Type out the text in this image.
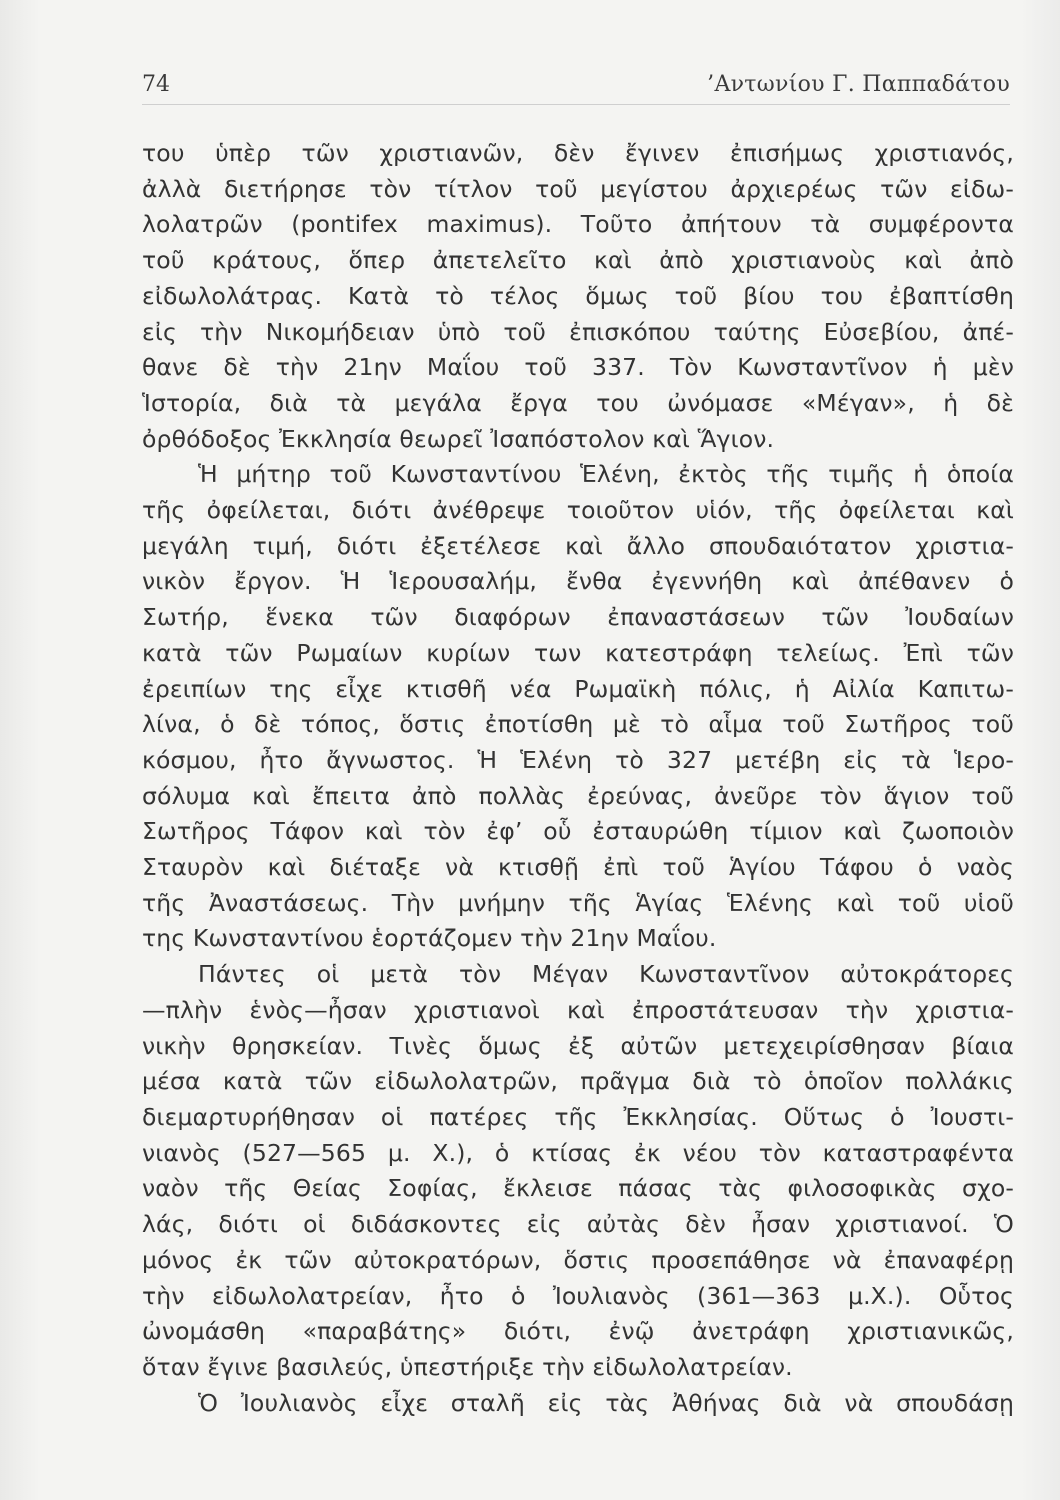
74	’Αντωνίου Γ. Παππαδάτου

του ὑπὲρ τῶν χριστιανῶν, δὲν ἔγινεν ἐπισήμως χριστιανός,
ἀλλὰ διετήρησε τὸν τίτλον τοῦ μεγίστου ἀρχιερέως τῶν εἰδω-
λολατρῶν (pontifex maximus). Τοῦτο ἀπήτουν τὰ συμφέροντα
τοῦ κράτους, ὅπερ ἀπετελεῖτο καὶ ἀπὸ χριστιανοὺς καὶ ἀπὸ
εἰδωλολάτρας. Κατὰ τὸ τέλος ὅμως τοῦ βίου του ἐβαπτίσθη
εἰς τὴν Νικομήδειαν ὑπὸ τοῦ ἐπισκόπου ταύτης Εὐσεβίου, ἀπέ-
θανε δὲ τὴν 21ην Μαΐου τοῦ 337. Τὸν Κωνσταντῖνον ἡ μὲν
Ἱστορία, διὰ τὰ μεγάλα ἔργα του ὠνόμασε «Μέγαν», ἡ δὲ
ὀρθόδοξος Ἐκκλησία θεωρεῖ Ἰσαπόστολον καὶ Ἅγιον.

Ἡ μήτηρ τοῦ Κωνσταντίνου Ἑλένη, ἐκτὸς τῆς τιμῆς ἡ ὁποία
τῆς ὀφείλεται, διότι ἀνέθρεψε τοιοῦτον υἱόν, τῆς ὀφείλεται καὶ
μεγάλη τιμή, διότι ἐξετέλεσε καὶ ἄλλο σπουδαιότατον χριστια-
νικὸν ἔργον. Ἡ Ἱερουσαλήμ, ἔνθα ἐγεννήθη καὶ ἀπέθανεν ὁ
Σωτήρ, ἕνεκα τῶν διαφόρων ἐπαναστάσεων τῶν Ἰουδαίων
κατὰ τῶν Ρωμαίων κυρίων των κατεστράφη τελείως. Ἐπὶ τῶν
ἐρειπίων της εἶχε κτισθῆ νέα Ρωμαϊκὴ πόλις, ἡ Αἰλία Καπιτω-
λίνα, ὁ δὲ τόπος, ὅστις ἐποτίσθη μὲ τὸ αἷμα τοῦ Σωτῆρος τοῦ
κόσμου, ἦτο ἄγνωστος. Ἡ Ἑλένη τὸ 327 μετέβη εἰς τὰ Ἱερο-
σόλυμα καὶ ἔπειτα ἀπὸ πολλὰς ἐρεύνας, ἀνεῦρε τὸν ἅγιον τοῦ
Σωτῆρος Τάφον καὶ τὸν ἐφ’ οὗ ἐσταυρώθη τίμιον καὶ ζωοποιὸν
Σταυρὸν καὶ διέταξε νὰ κτισθῇ ἐπὶ τοῦ Ἁγίου Τάφου ὁ ναὸς
τῆς Ἀναστάσεως. Τὴν μνήμην τῆς Ἁγίας Ἑλένης καὶ τοῦ υἱοῦ
της Κωνσταντίνου ἑορτάζομεν τὴν 21ην Μαΐου.

Πάντες οἱ μετὰ τὸν Μέγαν Κωνσταντῖνον αὐτοκράτορες
—πλὴν ἑνὸς—ἦσαν χριστιανοὶ καὶ ἐπροστάτευσαν τὴν χριστια-
νικὴν θρησκείαν. Τινὲς ὅμως ἐξ αὐτῶν μετεχειρίσθησαν βίαια
μέσα κατὰ τῶν εἰδωλολατρῶν, πρᾶγμα διὰ τὸ ὁποῖον πολλάκις
διεμαρτυρήθησαν οἱ πατέρες τῆς Ἐκκλησίας. Οὕτως ὁ Ἰουστι-
νιανὸς (527—565 μ. Χ.), ὁ κτίσας ἐκ νέου τὸν καταστραφέντα
ναὸν τῆς Θείας Σοφίας, ἔκλεισε πάσας τὰς φιλοσοφικὰς σχο-
λάς, διότι οἱ διδάσκοντες εἰς αὐτὰς δὲν ἦσαν χριστιανοί. Ὁ
μόνος ἐκ τῶν αὐτοκρατόρων, ὅστις προσεπάθησε νὰ ἐπαναφέρῃ
τὴν εἰδωλολατρείαν, ἦτο ὁ Ἰουλιανὸς (361—363 μ.Χ.). Οὗτος
ὠνομάσθη «παραβάτης» διότι, ἐνῷ ἀνετράφη χριστιανικῶς,
ὅταν ἔγινε βασιλεύς, ὑπεστήριξε τὴν εἰδωλολατρείαν.

Ὁ Ἰουλιανὸς εἶχε σταλῆ εἰς τὰς Ἀθήνας διὰ νὰ σπουδάσῃ
